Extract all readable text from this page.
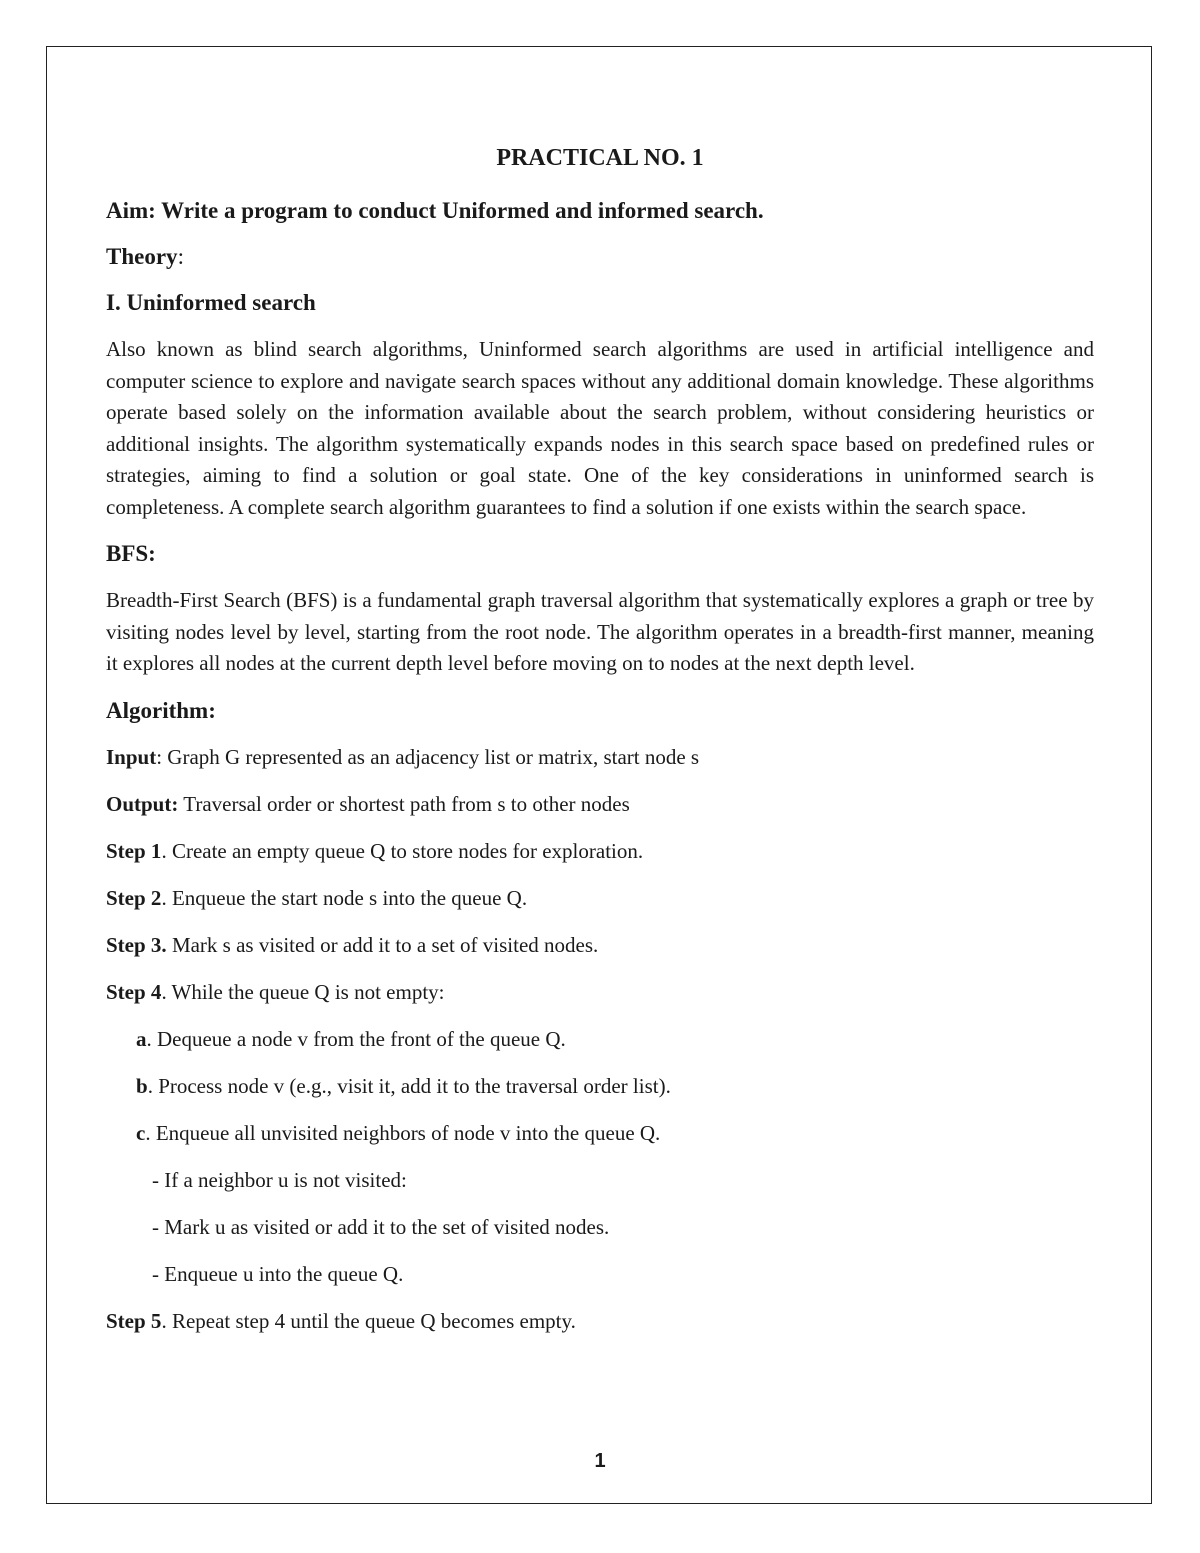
PRACTICAL NO. 1
Aim: Write a program to conduct Uniformed and informed search.
Theory:
I. Uninformed search

Also known as blind search algorithms, Uninformed search algorithms are used in artificial intelligence and computer science to explore and navigate search spaces without any additional domain knowledge. These algorithms operate based solely on the information available about the search problem, without considering heuristics or additional insights. The algorithm systematically expands nodes in this search space based on predefined rules or strategies, aiming to find a solution or goal state. One of the key considerations in uninformed search is completeness. A complete search algorithm guarantees to find a solution if one exists within the search space.

BFS:

Breadth-First Search (BFS) is a fundamental graph traversal algorithm that systematically explores a graph or tree by visiting nodes level by level, starting from the root node. The algorithm operates in a breadth-first manner, meaning it explores all nodes at the current depth level before moving on to nodes at the next depth level.

Algorithm:
Input: Graph G represented as an adjacency list or matrix, start node s
Output: Traversal order or shortest path from s to other nodes
Step 1. Create an empty queue Q to store nodes for exploration.
Step 2. Enqueue the start node s into the queue Q.
Step 3. Mark s as visited or add it to a set of visited nodes.
Step 4. While the queue Q is not empty:
a. Dequeue a node v from the front of the queue Q.
b. Process node v (e.g., visit it, add it to the traversal order list).
c. Enqueue all unvisited neighbors of node v into the queue Q.
- If a neighbor u is not visited:
- Mark u as visited or add it to the set of visited nodes.
- Enqueue u into the queue Q.
Step 5. Repeat step 4 until the queue Q becomes empty.
1
